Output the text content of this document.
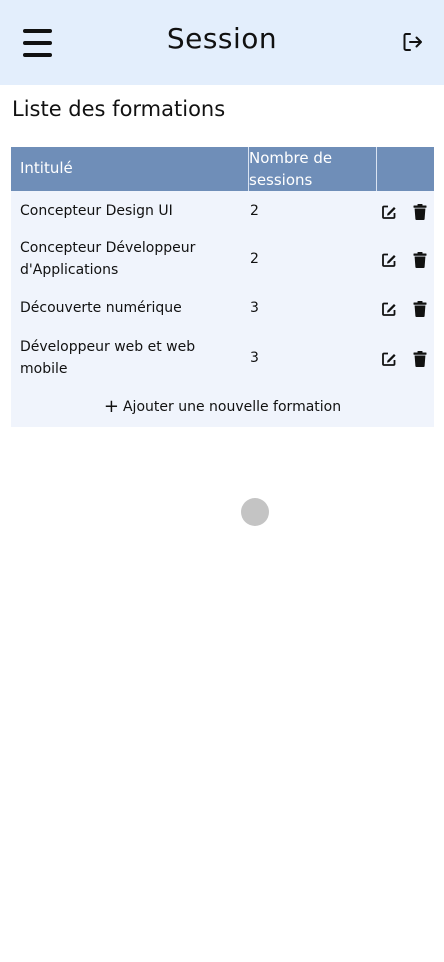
Session
Liste des formations
Intitulé
Nombre de sessions
Concepteur Design UI	2
Concepteur Développeur d'Applications
2
Découverte numérique	3
Développeur web et web mobile
3
+ Ajouter une nouvelle formation
